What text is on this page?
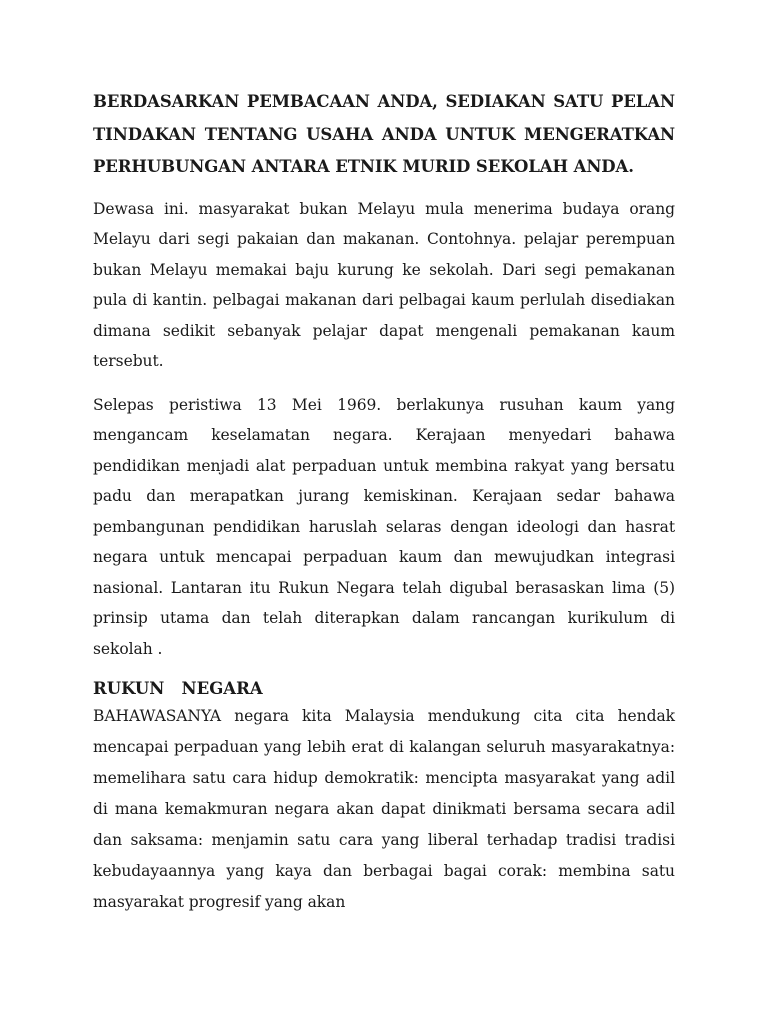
BERDASARKAN PEMBACAAN ANDA, SEDIAKAN SATU PELAN TINDAKAN TENTANG USAHA ANDA UNTUK MENGERATKAN PERHUBUNGAN ANTARA ETNIK MURID SEKOLAH ANDA.

Dewasa ini. masyarakat bukan Melayu mula menerima budaya orang Melayu dari segi pakaian dan makanan. Contohnya. pelajar perempuan bukan Melayu memakai baju kurung ke sekolah. Dari segi pemakanan pula di kantin. pelbagai makanan dari pelbagai kaum perlulah disediakan dimana sedikit sebanyak pelajar dapat mengenali pemakanan kaum tersebut.

Selepas peristiwa 13 Mei 1969. berlakunya rusuhan kaum yang mengancam keselamatan negara. Kerajaan menyedari bahawa pendidikan menjadi alat perpaduan untuk membina rakyat yang bersatu padu dan merapatkan jurang kemiskinan. Kerajaan sedar bahawa pembangunan pendidikan haruslah selaras dengan ideologi dan hasrat negara untuk mencapai perpaduan kaum dan mewujudkan integrasi nasional. Lantaran itu Rukun Negara telah digubal berasaskan lima (5) prinsip utama dan telah diterapkan dalam rancangan kurikulum di sekolah .

RUKUN   NEGARA

BAHAWASANYA negara kita Malaysia mendukung cita cita hendak mencapai perpaduan yang lebih erat di kalangan seluruh masyarakatnya: memelihara satu cara hidup demokratik: mencipta masyarakat yang adil di mana kemakmuran negara akan dapat dinikmati bersama secara adil dan saksama: menjamin satu cara yang liberal terhadap tradisi tradisi kebudayaannya yang kaya dan berbagai bagai corak: membina satu masyarakat progresif yang akan
